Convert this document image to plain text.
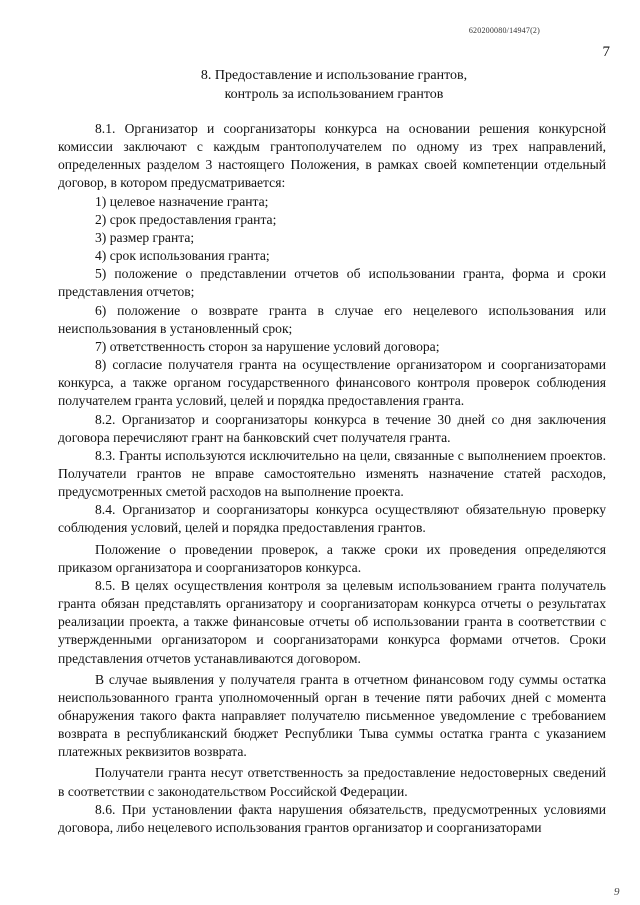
620200080/14947(2)
7
8. Предоставление и использование грантов,
контроль за использованием грантов

8.1. Организатор и соорганизаторы конкурса на основании решения конкурсной комиссии заключают с каждым грантополучателем по одному из трех направлений, определенных разделом 3 настоящего Положения, в рамках своей компетенции отдельный договор, в котором предусматривается:

1) целевое назначение гранта;

2) срок предоставления гранта;

3) размер гранта;

4) срок использования гранта;

5) положение о представлении отчетов об использовании гранта, форма и сроки представления отчетов;

6) положение о возврате гранта в случае его нецелевого использования или неиспользования в установленный срок;

7) ответственность сторон за нарушение условий договора;

8) согласие получателя гранта на осуществление организатором и соорганизаторами конкурса, а также органом государственного финансового контроля проверок соблюдения получателем гранта условий, целей и порядка предоставления гранта.

8.2. Организатор и соорганизаторы конкурса в течение 30 дней со дня заключения договора перечисляют грант на банковский счет получателя гранта.

8.3. Гранты используются исключительно на цели, связанные с выполнением проектов. Получатели грантов не вправе самостоятельно изменять назначение статей расходов, предусмотренных сметой расходов на выполнение проекта.

8.4. Организатор и соорганизаторы конкурса осуществляют обязательную проверку соблюдения условий, целей и порядка предоставления грантов.

Положение о проведении проверок, а также сроки их проведения определяются приказом организатора и соорганизаторов конкурса.

8.5. В целях осуществления контроля за целевым использованием гранта получатель гранта обязан представлять организатору и соорганизаторам конкурса отчеты о результатах реализации проекта, а также финансовые отчеты об использовании гранта в соответствии с утвержденными организатором и соорганизаторами конкурса формами отчетов. Сроки представления отчетов устанавливаются договором.

В случае выявления у получателя гранта в отчетном финансовом году суммы остатка неиспользованного гранта уполномоченный орган в течение пяти рабочих дней с момента обнаружения такого факта направляет получателю письменное уведомление с требованием возврата в республиканский бюджет Республики Тыва суммы остатка гранта с указанием платежных реквизитов возврата.

Получатели гранта несут ответственность за предоставление недостоверных сведений в соответствии с законодательством Российской Федерации.

8.6. При установлении факта нарушения обязательств, предусмотренных условиями договора, либо нецелевого использования грантов организатор и соорганизаторами

9
